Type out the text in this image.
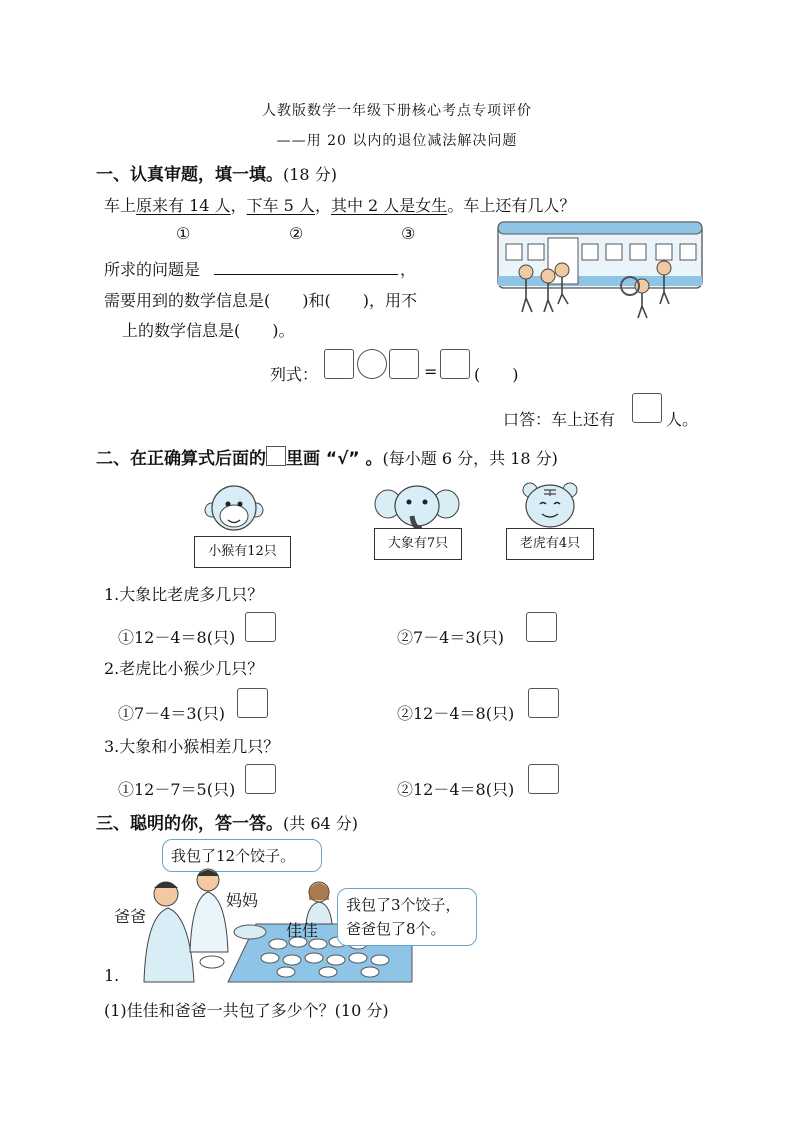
人教版数学一年级下册核心考点专项评价
——用 20 以内的退位减法解决问题
一、认真审题，填一填。(18 分)
车上原来有 14 人，下车 5 人，其中 2 人是女生。车上还有几人？
①	②	③
所求的问题是	，
需要用到的数学信息是(　　)和(　　)，用不
上的数学信息是(　　)。
列式：	= (　　)
口答：车上还有	人。
二、在正确算式后面的 里画 “√” 。(每小题 6 分，共 18 分)
小猴有12只
大象有7只	老虎有4只
1.大象比老虎多几只？
①12－4＝8(只)	②7－4＝3(只)
2.老虎比小猴少几只？
①7－4＝3(只)	②12－4＝8(只)
3.大象和小猴相差几只？
①12－7＝5(只)	②12－4＝8(只)
三、聪明的你，答一答。(共 64 分)
我包了12个饺子。
爸爸
妈妈
佳佳
我包了3个饺子，
爸爸包了8个。
1.
(1)佳佳和爸爸一共包了多少个？(10 分)
